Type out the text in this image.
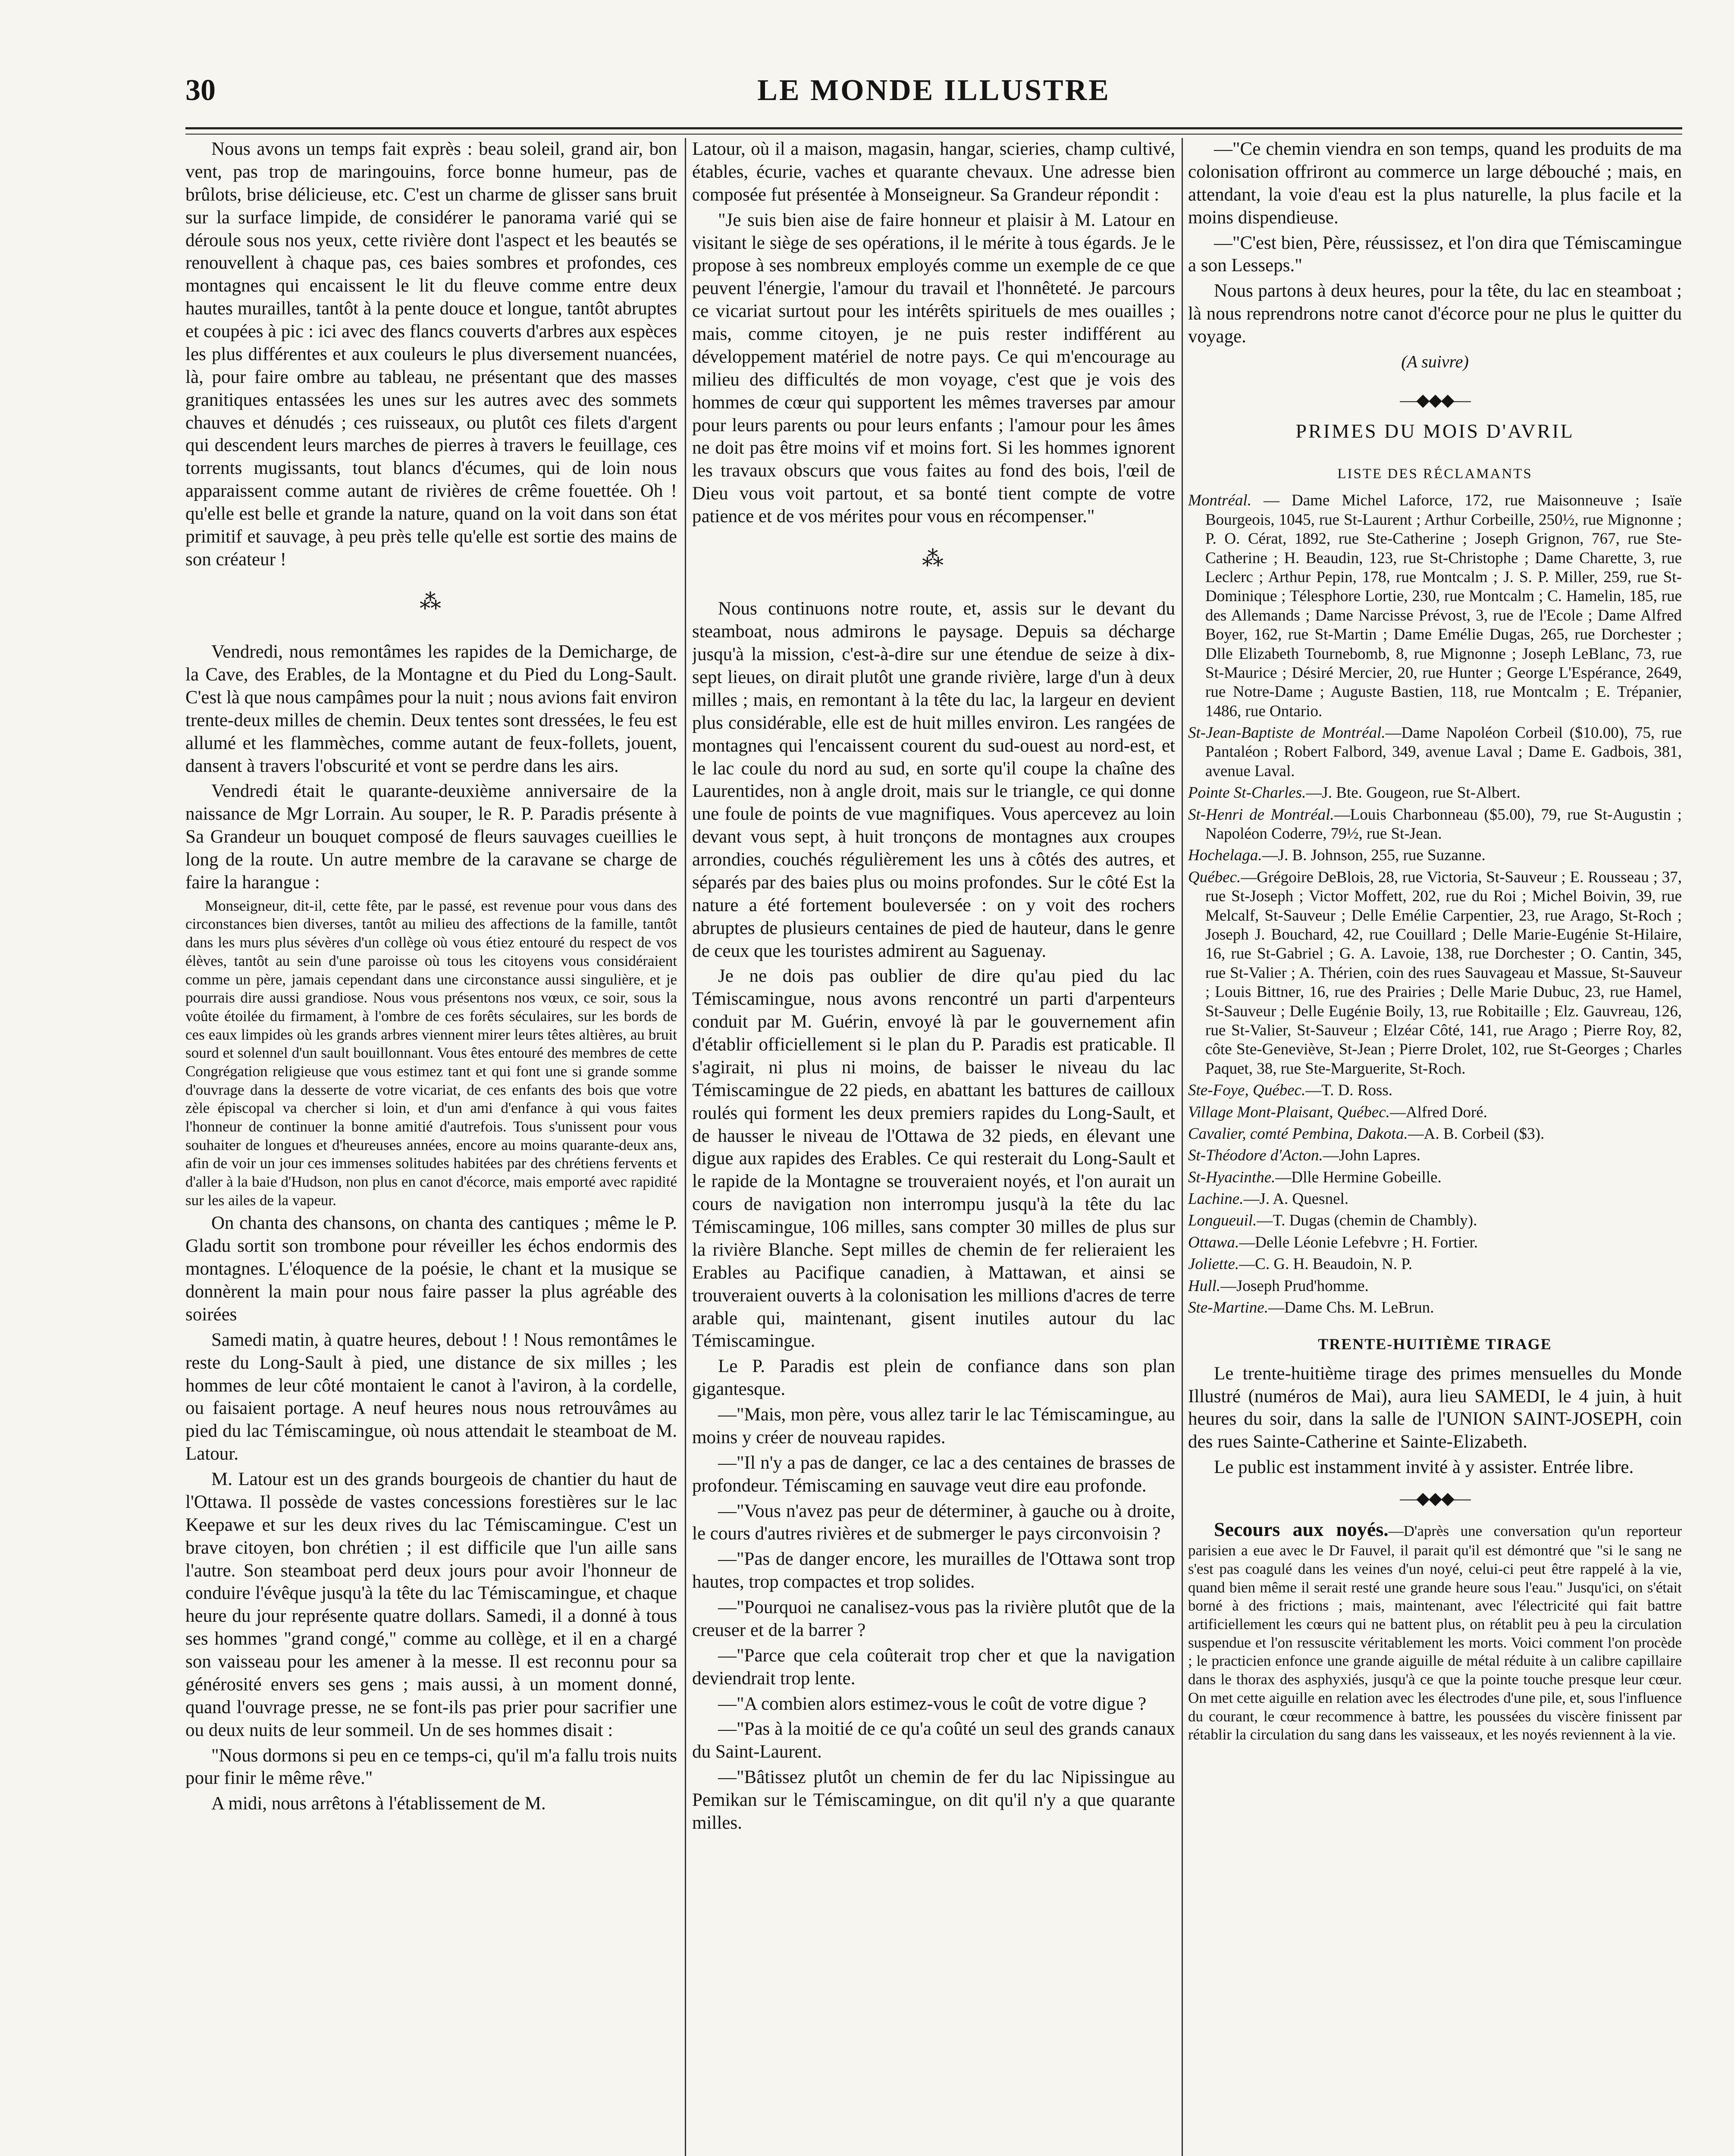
30	LE MONDE ILLUSTRE

Nous avons un temps fait exprès : beau soleil, grand air, bon vent, pas trop de maringouins, force bonne humeur, pas de brûlots, brise délicieuse, etc. C'est un charme de glisser sans bruit sur la surface limpide, de considérer le panorama varié qui se déroule sous nos yeux, cette rivière dont l'aspect et les beautés se renouvellent à chaque pas, ces baies sombres et profondes, ces montagnes qui encaissent le lit du fleuve comme entre deux hautes murailles, tantôt à la pente douce et longue, tantôt abruptes et coupées à pic : ici avec des flancs couverts d'arbres aux espèces les plus différentes et aux couleurs le plus diversement nuancées, là, pour faire ombre au tableau, ne présentant que des masses granitiques entassées les unes sur les autres avec des sommets chauves et dénudés ; ces ruisseaux, ou plutôt ces filets d'argent qui descendent leurs marches de pierres à travers le feuillage, ces torrents mugissants, tout blancs d'écumes, qui de loin nous apparaissent comme autant de rivières de crême fouettée. Oh ! qu'elle est belle et grande la nature, quand on la voit dans son état primitif et sauvage, à peu près telle qu'elle est sortie des mains de son créateur !

⁂

Vendredi, nous remontâmes les rapides de la Demicharge, de la Cave, des Erables, de la Montagne et du Pied du Long-Sault. C'est là que nous campâmes pour la nuit ; nous avions fait environ trente-deux milles de chemin. Deux tentes sont dressées, le feu est allumé et les flammèches, comme autant de feux-follets, jouent, dansent à travers l'obscurité et vont se perdre dans les airs.

Vendredi était le quarante-deuxième anniversaire de la naissance de Mgr Lorrain. Au souper, le R. P. Paradis présente à Sa Grandeur un bouquet composé de fleurs sauvages cueillies le long de la route. Un autre membre de la caravane se charge de faire la harangue :

Monseigneur, dit-il, cette fête, par le passé, est revenue pour vous dans des circonstances bien diverses, tantôt au milieu des affections de la famille, tantôt dans les murs plus sévères d'un collège où vous étiez entouré du respect de vos élèves, tantôt au sein d'une paroisse où tous les citoyens vous considéraient comme un père, jamais cependant dans une circonstance aussi singulière, et je pourrais dire aussi grandiose. Nous vous présentons nos vœux, ce soir, sous la voûte étoilée du firmament, à l'ombre de ces forêts séculaires, sur les bords de ces eaux limpides où les grands arbres viennent mirer leurs têtes altières, au bruit sourd et solennel d'un sault bouillonnant. Vous êtes entouré des membres de cette Congrégation religieuse que vous estimez tant et qui font une si grande somme d'ouvrage dans la desserte de votre vicariat, de ces enfants des bois que votre zèle épiscopal va chercher si loin, et d'un ami d'enfance à qui vous faites l'honneur de continuer la bonne amitié d'autrefois. Tous s'unissent pour vous souhaiter de longues et d'heureuses années, encore au moins quarante-deux ans, afin de voir un jour ces immenses solitudes habitées par des chrétiens fervents et d'aller à la baie d'Hudson, non plus en canot d'écorce, mais emporté avec rapidité sur les ailes de la vapeur.

On chanta des chansons, on chanta des cantiques ; même le P. Gladu sortit son trombone pour réveiller les échos endormis des montagnes. L'éloquence de la poésie, le chant et la musique se donnèrent la main pour nous faire passer la plus agréable des soirées

Samedi matin, à quatre heures, debout ! ! Nous remontâmes le reste du Long-Sault à pied, une distance de six milles ; les hommes de leur côté montaient le canot à l'aviron, à la cordelle, ou faisaient portage. A neuf heures nous nous retrouvâmes au pied du lac Témiscamingue, où nous attendait le steamboat de M. Latour.

M. Latour est un des grands bourgeois de chantier du haut de l'Ottawa. Il possède de vastes concessions forestières sur le lac Keepawe et sur les deux rives du lac Témiscamingue. C'est un brave citoyen, bon chrétien ; il est difficile que l'un aille sans l'autre. Son steamboat perd deux jours pour avoir l'honneur de conduire l'évêque jusqu'à la tête du lac Témiscamingue, et chaque heure du jour représente quatre dollars. Samedi, il a donné à tous ses hommes "grand congé," comme au collège, et il en a chargé son vaisseau pour les amener à la messe. Il est reconnu pour sa générosité envers ses gens ; mais aussi, à un moment donné, quand l'ouvrage presse, ne se font-ils pas prier pour sacrifier une ou deux nuits de leur sommeil. Un de ses hommes disait :

"Nous dormons si peu en ce temps-ci, qu'il m'a fallu trois nuits pour finir le même rêve."

A midi, nous arrêtons à l'établissement de M.

Latour, où il a maison, magasin, hangar, scieries, champ cultivé, étables, écurie, vaches et quarante chevaux. Une adresse bien composée fut présentée à Monseigneur. Sa Grandeur répondit :

"Je suis bien aise de faire honneur et plaisir à M. Latour en visitant le siège de ses opérations, il le mérite à tous égards. Je le propose à ses nombreux employés comme un exemple de ce que peuvent l'énergie, l'amour du travail et l'honnêteté. Je parcours ce vicariat surtout pour les intérêts spirituels de mes ouailles ; mais, comme citoyen, je ne puis rester indifférent au développement matériel de notre pays. Ce qui m'encourage au milieu des difficultés de mon voyage, c'est que je vois des hommes de cœur qui supportent les mêmes traverses par amour pour leurs parents ou pour leurs enfants ; l'amour pour les âmes ne doit pas être moins vif et moins fort. Si les hommes ignorent les travaux obscurs que vous faites au fond des bois, l'œil de Dieu vous voit partout, et sa bonté tient compte de votre patience et de vos mérites pour vous en récompenser."

⁂

Nous continuons notre route, et, assis sur le devant du steamboat, nous admirons le paysage. Depuis sa décharge jusqu'à la mission, c'est-à-dire sur une étendue de seize à dix-sept lieues, on dirait plutôt une grande rivière, large d'un à deux milles ; mais, en remontant à la tête du lac, la largeur en devient plus considérable, elle est de huit milles environ. Les rangées de montagnes qui l'encaissent courent du sud-ouest au nord-est, et le lac coule du nord au sud, en sorte qu'il coupe la chaîne des Laurentides, non à angle droit, mais sur le triangle, ce qui donne une foule de points de vue magnifiques. Vous apercevez au loin devant vous sept, à huit tronçons de montagnes aux croupes arrondies, couchés régulièrement les uns à côtés des autres, et séparés par des baies plus ou moins profondes. Sur le côté Est la nature a été fortement bouleversée : on y voit des rochers abruptes de plusieurs centaines de pied de hauteur, dans le genre de ceux que les touristes admirent au Saguenay.

Je ne dois pas oublier de dire qu'au pied du lac Témiscamingue, nous avons rencontré un parti d'arpenteurs conduit par M. Guérin, envoyé là par le gouvernement afin d'établir officiellement si le plan du P. Paradis est praticable. Il s'agirait, ni plus ni moins, de baisser le niveau du lac Témiscamingue de 22 pieds, en abattant les battures de cailloux roulés qui forment les deux premiers rapides du Long-Sault, et de hausser le niveau de l'Ottawa de 32 pieds, en élevant une digue aux rapides des Erables. Ce qui resterait du Long-Sault et le rapide de la Montagne se trouveraient noyés, et l'on aurait un cours de navigation non interrompu jusqu'à la tête du lac Témiscamingue, 106 milles, sans compter 30 milles de plus sur la rivière Blanche. Sept milles de chemin de fer relieraient les Erables au Pacifique canadien, à Mattawan, et ainsi se trouveraient ouverts à la colonisation les millions d'acres de terre arable qui, maintenant, gisent inutiles autour du lac Témiscamingue.

Le P. Paradis est plein de confiance dans son plan gigantesque.

—"Mais, mon père, vous allez tarir le lac Témiscamingue, au moins y créer de nouveau rapides.

—"Il n'y a pas de danger, ce lac a des centaines de brasses de profondeur. Témiscaming en sauvage veut dire eau profonde.

—"Vous n'avez pas peur de déterminer, à gauche ou à droite, le cours d'autres rivières et de submerger le pays circonvoisin ?

—"Pas de danger encore, les murailles de l'Ottawa sont trop hautes, trop compactes et trop solides.

—"Pourquoi ne canalisez-vous pas la rivière plutôt que de la creuser et de la barrer ?

—"Parce que cela coûterait trop cher et que la navigation deviendrait trop lente.

—"A combien alors estimez-vous le coût de votre digue ?

—"Pas à la moitié de ce qu'a coûté un seul des grands canaux du Saint-Laurent.

—"Bâtissez plutôt un chemin de fer du lac Nipissingue au Pemikan sur le Témiscamingue, on dit qu'il n'y a que quarante milles.

—"Ce chemin viendra en son temps, quand les produits de ma colonisation offriront au commerce un large débouché ; mais, en attendant, la voie d'eau est la plus naturelle, la plus facile et la moins dispendieuse.

—"C'est bien, Père, réussissez, et l'on dira que Témiscamingue a son Lesseps."

Nous partons à deux heures, pour la tête, du lac en steamboat ; là nous reprendrons notre canot d'écorce pour ne plus le quitter du voyage.

(A suivre)
—◆◆◆—
PRIMES DU MOIS D'AVRIL
LISTE DES RÉCLAMANTS

Montréal. — Dame Michel Laforce, 172, rue Maisonneuve ; Isaïe Bourgeois, 1045, rue St-Laurent ; Arthur Corbeille, 250½, rue Mignonne ; P. O. Cérat, 1892, rue Ste-Catherine ; Joseph Grignon, 767, rue Ste-Catherine ; H. Beaudin, 123, rue St-Christophe ; Dame Charette, 3, rue Leclerc ; Arthur Pepin, 178, rue Montcalm ; J. S. P. Miller, 259, rue St-Dominique ; Télesphore Lortie, 230, rue Montcalm ; C. Hamelin, 185, rue des Allemands ; Dame Narcisse Prévost, 3, rue de l'Ecole ; Dame Alfred Boyer, 162, rue St-Martin ; Dame Emélie Dugas, 265, rue Dorchester ; Dlle Elizabeth Tournebomb, 8, rue Mignonne ; Joseph LeBlanc, 73, rue St-Maurice ; Désiré Mercier, 20, rue Hunter ; George L'Espérance, 2649, rue Notre-Dame ; Auguste Bastien, 118, rue Montcalm ; E. Trépanier, 1486, rue Ontario.

St-Jean-Baptiste de Montréal.—Dame Napoléon Corbeil ($10.00), 75, rue Pantaléon ; Robert Falbord, 349, avenue Laval ; Dame E. Gadbois, 381, avenue Laval.

Pointe St-Charles.—J. Bte. Gougeon, rue St-Albert.

St-Henri de Montréal.—Louis Charbonneau ($5.00), 79, rue St-Augustin ; Napoléon Coderre, 79½, rue St-Jean.

Hochelaga.—J. B. Johnson, 255, rue Suzanne.

Québec.—Grégoire DeBlois, 28, rue Victoria, St-Sauveur ; E. Rousseau ; 37, rue St-Joseph ; Victor Moffett, 202, rue du Roi ; Michel Boivin, 39, rue Melcalf, St-Sauveur ; Delle Emélie Carpentier, 23, rue Arago, St-Roch ; Joseph J. Bouchard, 42, rue Couillard ; Delle Marie-Eugénie St-Hilaire, 16, rue St-Gabriel ; G. A. Lavoie, 138, rue Dorchester ; O. Cantin, 345, rue St-Valier ; A. Thérien, coin des rues Sauvageau et Massue, St-Sauveur ; Louis Bittner, 16, rue des Prairies ; Delle Marie Dubuc, 23, rue Hamel, St-Sauveur ; Delle Eugénie Boily, 13, rue Robitaille ; Elz. Gauvreau, 126, rue St-Valier, St-Sauveur ; Elzéar Côté, 141, rue Arago ; Pierre Roy, 82, côte Ste-Geneviève, St-Jean ; Pierre Drolet, 102, rue St-Georges ; Charles Paquet, 38, rue Ste-Marguerite, St-Roch.

Ste-Foye, Québec.—T. D. Ross.

Village Mont-Plaisant, Québec.—Alfred Doré.

Cavalier, comté Pembina, Dakota.—A. B. Corbeil ($3).

St-Théodore d'Acton.—John Lapres.

St-Hyacinthe.—Dlle Hermine Gobeille.

Lachine.—J. A. Quesnel.

Longueuil.—T. Dugas (chemin de Chambly).

Ottawa.—Delle Léonie Lefebvre ; H. Fortier.

Joliette.—C. G. H. Beaudoin, N. P.

Hull.—Joseph Prud'homme.

Ste-Martine.—Dame Chs. M. LeBrun.

TRENTE-HUITIÈME TIRAGE

Le trente-huitième tirage des primes mensuelles du Monde Illustré (numéros de Mai), aura lieu SAMEDI, le 4 juin, à huit heures du soir, dans la salle de l'UNION SAINT-JOSEPH, coin des rues Sainte-Catherine et Sainte-Elizabeth.

Le public est instamment invité à y assister. Entrée libre.

—◆◆◆—

Secours aux noyés.—D'après une conversation qu'un reporteur parisien a eue avec le Dr Fauvel, il parait qu'il est démontré que "si le sang ne s'est pas coagulé dans les veines d'un noyé, celui-ci peut être rappelé à la vie, quand bien même il serait resté une grande heure sous l'eau." Jusqu'ici, on s'était borné à des frictions ; mais, maintenant, avec l'électricité qui fait battre artificiellement les cœurs qui ne battent plus, on rétablit peu à peu la circulation suspendue et l'on ressuscite véritablement les morts. Voici comment l'on procède ; le practicien enfonce une grande aiguille de métal réduite à un calibre capillaire dans le thorax des asphyxiés, jusqu'à ce que la pointe touche presque leur cœur. On met cette aiguille en relation avec les électrodes d'une pile, et, sous l'influence du courant, le cœur recommence à battre, les poussées du viscère finissent par rétablir la circulation du sang dans les vaisseaux, et les noyés reviennent à la vie.
